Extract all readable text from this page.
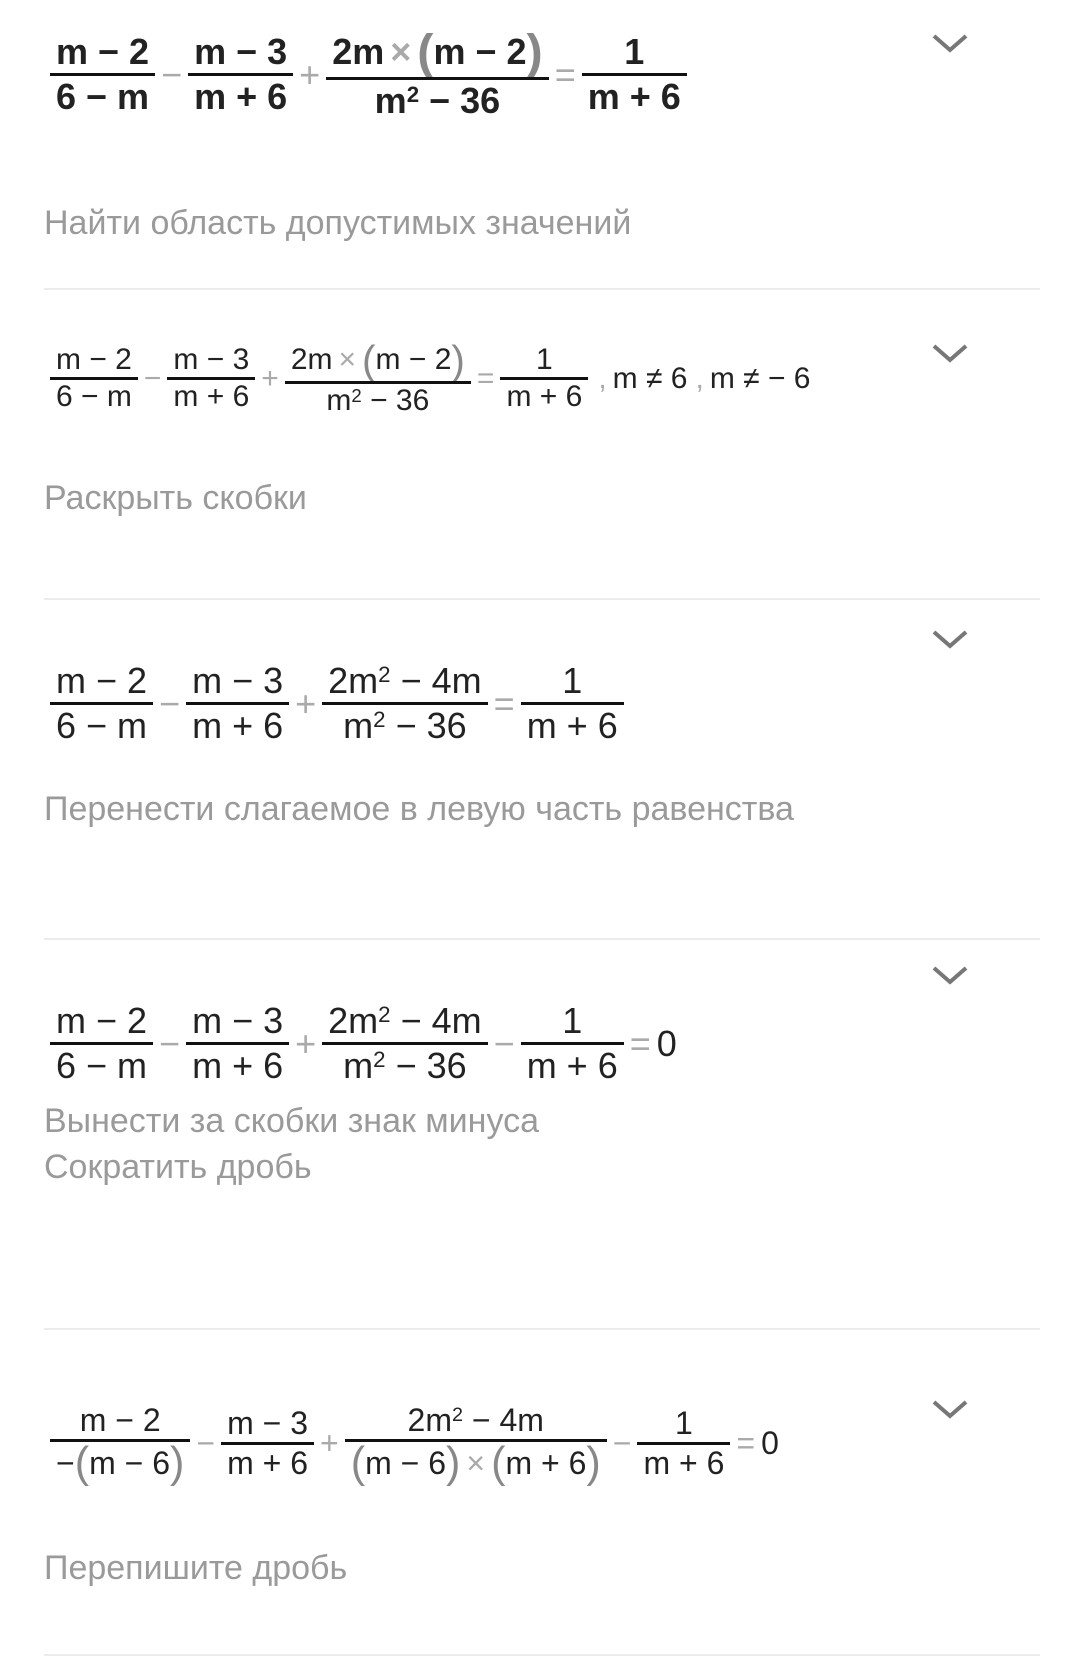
$\frac{m - 2}{6 - m} - \frac{m - 3}{m + 6} + 2m$ × ( m − 2 )
$m^2$
− $36 = \frac{1}{m + 6}$
Найти область допустимых значений
$\frac{m - 2}{6 - m} - \frac{m - 3}{m + 6} + 2m$ × ( m − 2 )
$m^2$
− $36 = \frac{1}{m + 6}$ , m ≠ 6 , m ≠ − 6
Раскрыть скобки
$\frac{m - 2}{6 - m} - \frac{m - 3}{m + 6} + 2m^2$
− 4m
$m^2$
− $36 = \frac{1}{m + 6}$
Перенести слагаемое в левую часть равенства
$\frac{m - 2}{6 - m} - \frac{m - 3}{m + 6} + 2m^2$
− 4m
$m^2$
− $36 - \frac{1}{m + 6} = 0$
Вынести за скобки знак минуса
Сократить дробь
$\frac{m - 2}{- ( m - 6 )} - \frac{m - 3}{m + 6} + 2m^2$
− 4m
( m − 6 ) × ( m + 6 ) − $\frac{1}{m + 6} = 0$
Перепишите дробь
